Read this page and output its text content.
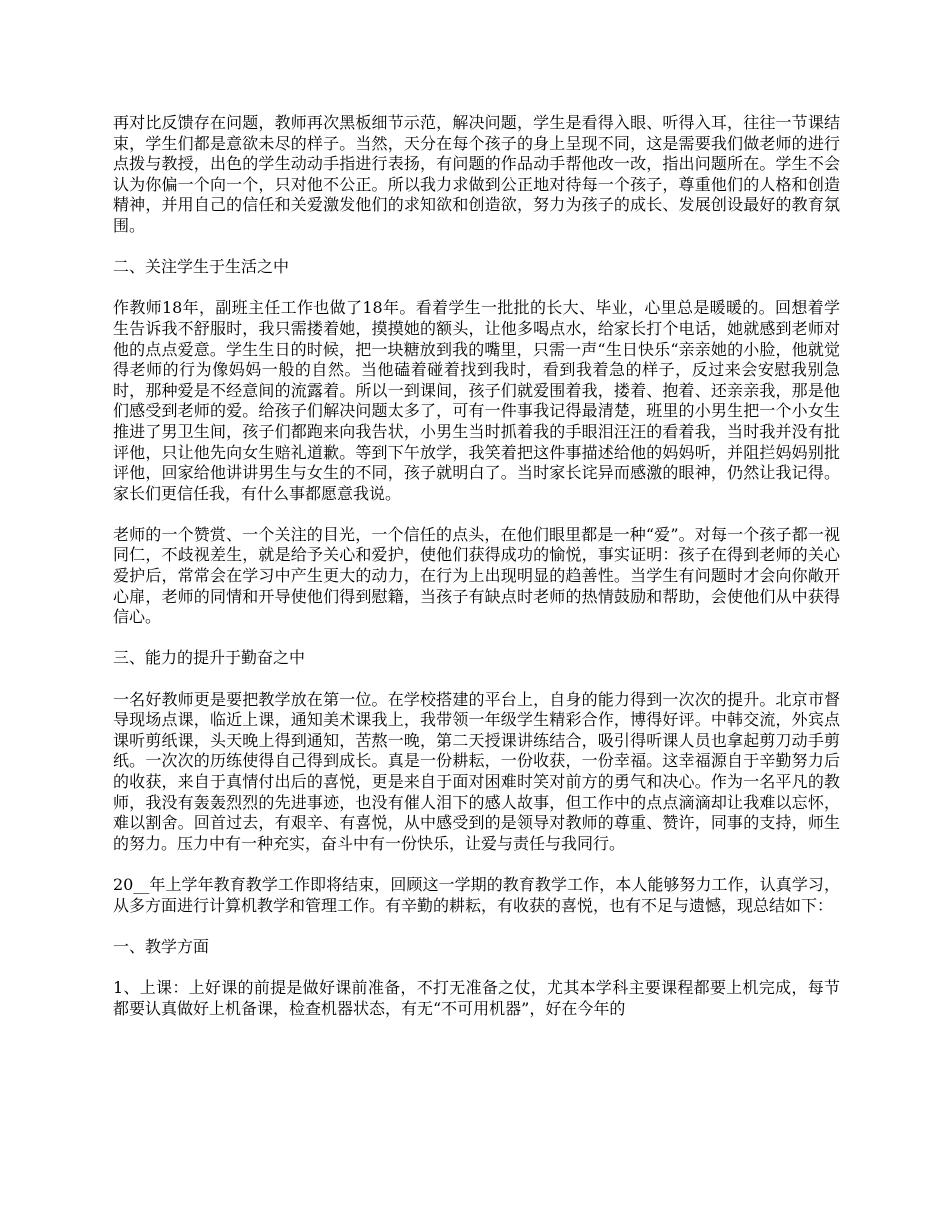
再对比反馈存在问题，教师再次黑板细节示范，解决问题，学生是看得入眼、听得入耳，往往一节课结束，学生们都是意欲未尽的样子。当然，天分在每个孩子的身上呈现不同，这是需要我们做老师的进行点拨与教授，出色的学生动动手指进行表扬，有问题的作品动手帮他改一改，指出问题所在。学生不会认为你偏一个向一个，只对他不公正。所以我力求做到公正地对待每一个孩子，尊重他们的人格和创造精神，并用自己的信任和关爱激发他们的求知欲和创造欲，努力为孩子的成长、发展创设最好的教育氛围。

二、关注学生于生活之中

作教师18年，副班主任工作也做了18年。看着学生一批批的长大、毕业，心里总是暖暖的。回想着学生告诉我不舒服时，我只需搂着她，摸摸她的额头，让他多喝点水，给家长打个电话，她就感到老师对他的点点爱意。学生生日的时候，把一块糖放到我的嘴里，只需一声“生日快乐“亲亲她的小脸，他就觉得老师的行为像妈妈一般的自然。当他磕着碰着找到我时，看到我着急的样子，反过来会安慰我别急时，那种爱是不经意间的流露着。所以一到课间，孩子们就爱围着我，搂着、抱着、还亲亲我，那是他们感受到老师的爱。给孩子们解决问题太多了，可有一件事我记得最清楚，班里的小男生把一个小女生推进了男卫生间，孩子们都跑来向我告状，小男生当时抓着我的手眼泪汪汪的看着我，当时我并没有批评他，只让他先向女生赔礼道歉。等到下午放学，我笑着把这件事描述给他的妈妈听，并阻拦妈妈别批评他，回家给他讲讲男生与女生的不同，孩子就明白了。当时家长诧异而感激的眼神，仍然让我记得。家长们更信任我，有什么事都愿意我说。

老师的一个赞赏、一个关注的目光，一个信任的点头，在他们眼里都是一种“爱”。对每一个孩子都一视同仁，不歧视差生，就是给予关心和爱护，使他们获得成功的愉悦，事实证明：孩子在得到老师的关心爱护后，常常会在学习中产生更大的动力，在行为上出现明显的趋善性。当学生有问题时才会向你敞开心扉，老师的同情和开导使他们得到慰籍，当孩子有缺点时老师的热情鼓励和帮助，会使他们从中获得信心。

三、能力的提升于勤奋之中

一名好教师更是要把教学放在第一位。在学校搭建的平台上，自身的能力得到一次次的提升。北京市督导现场点课，临近上课，通知美术课我上，我带领一年级学生精彩合作，博得好评。中韩交流，外宾点课听剪纸课，头天晚上得到通知，苦熬一晚，第二天授课讲练结合，吸引得听课人员也拿起剪刀动手剪纸。一次次的历练使得自己得到成长。真是一份耕耘，一份收获，一份幸福。这幸福源自于辛勤努力后的收获，来自于真情付出后的喜悦，更是来自于面对困难时笑对前方的勇气和决心。作为一名平凡的教师，我没有轰轰烈烈的先进事迹，也没有催人泪下的感人故事，但工作中的点点滴滴却让我难以忘怀，难以割舍。回首过去，有艰辛、有喜悦，从中感受到的是领导对教师的尊重、赞许，同事的支持，师生的努力。压力中有一种充实，奋斗中有一份快乐，让爱与责任与我同行。

20__年上学年教育教学工作即将结束，回顾这一学期的教育教学工作，本人能够努力工作，认真学习，从多方面进行计算机教学和管理工作。有辛勤的耕耘，有收获的喜悦，也有不足与遗憾，现总结如下：

一、教学方面

1、上课：上好课的前提是做好课前准备，不打无准备之仗，尤其本学科主要课程都要上机完成，每节都要认真做好上机备课，检查机器状态，有无“不可用机器”，好在今年的
